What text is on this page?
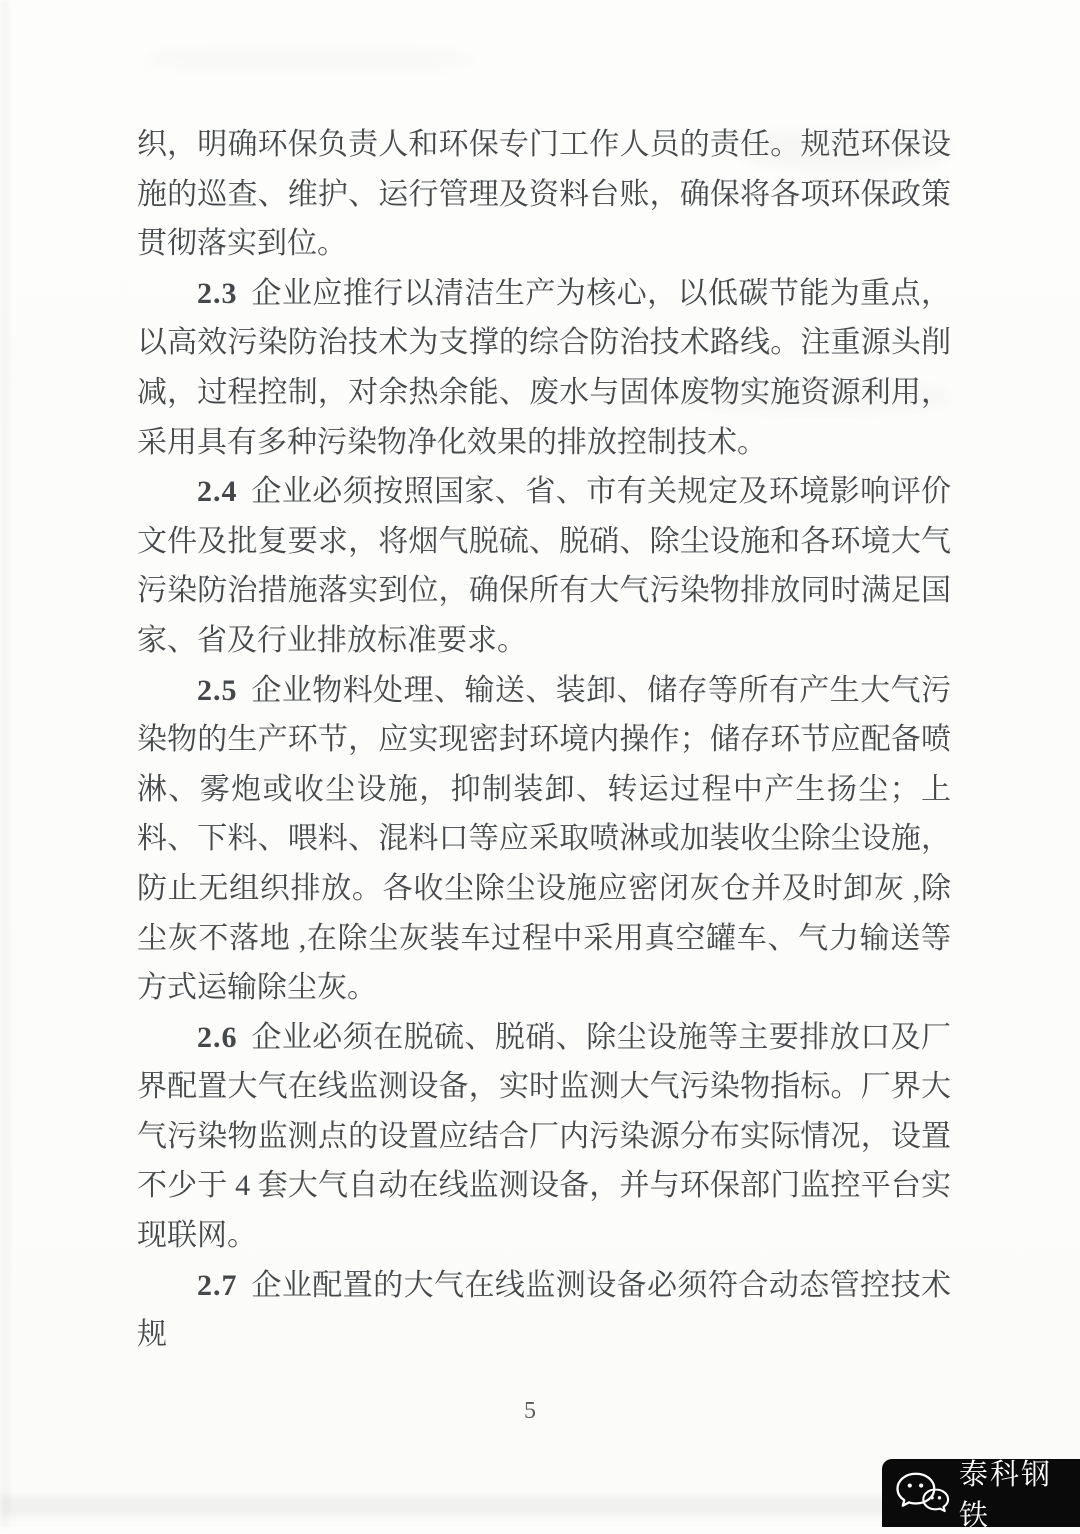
织，明确环保负责人和环保专门工作人员的责任。规范环保设施的巡查、维护、运行管理及资料台账，确保将各项环保政策贯彻落实到位。

2.3 企业应推行以清洁生产为核心，以低碳节能为重点，以高效污染防治技术为支撑的综合防治技术路线。注重源头削减，过程控制，对余热余能、废水与固体废物实施资源利用，采用具有多种污染物净化效果的排放控制技术。

2.4 企业必须按照国家、省、市有关规定及环境影响评价文件及批复要求，将烟气脱硫、脱硝、除尘设施和各环境大气污染防治措施落实到位，确保所有大气污染物排放同时满足国家、省及行业排放标准要求。

2.5 企业物料处理、输送、装卸、储存等所有产生大气污染物的生产环节，应实现密封环境内操作；储存环节应配备喷淋、雾炮或收尘设施，抑制装卸、转运过程中产生扬尘；上料、下料、喂料、混料口等应采取喷淋或加装收尘除尘设施，防止无组织排放。各收尘除尘设施应密闭灰仓并及时卸灰 ,除尘灰不落地 ,在除尘灰装车过程中采用真空罐车、气力输送等方式运输除尘灰。

2.6 企业必须在脱硫、脱硝、除尘设施等主要排放口及厂界配置大气在线监测设备，实时监测大气污染物指标。厂界大气污染物监测点的设置应结合厂内污染源分布实际情况，设置不少于 4 套大气自动在线监测设备，并与环保部门监控平台实现联网。

2.7 企业配置的大气在线监测设备必须符合动态管控技术规

5
泰科钢铁
